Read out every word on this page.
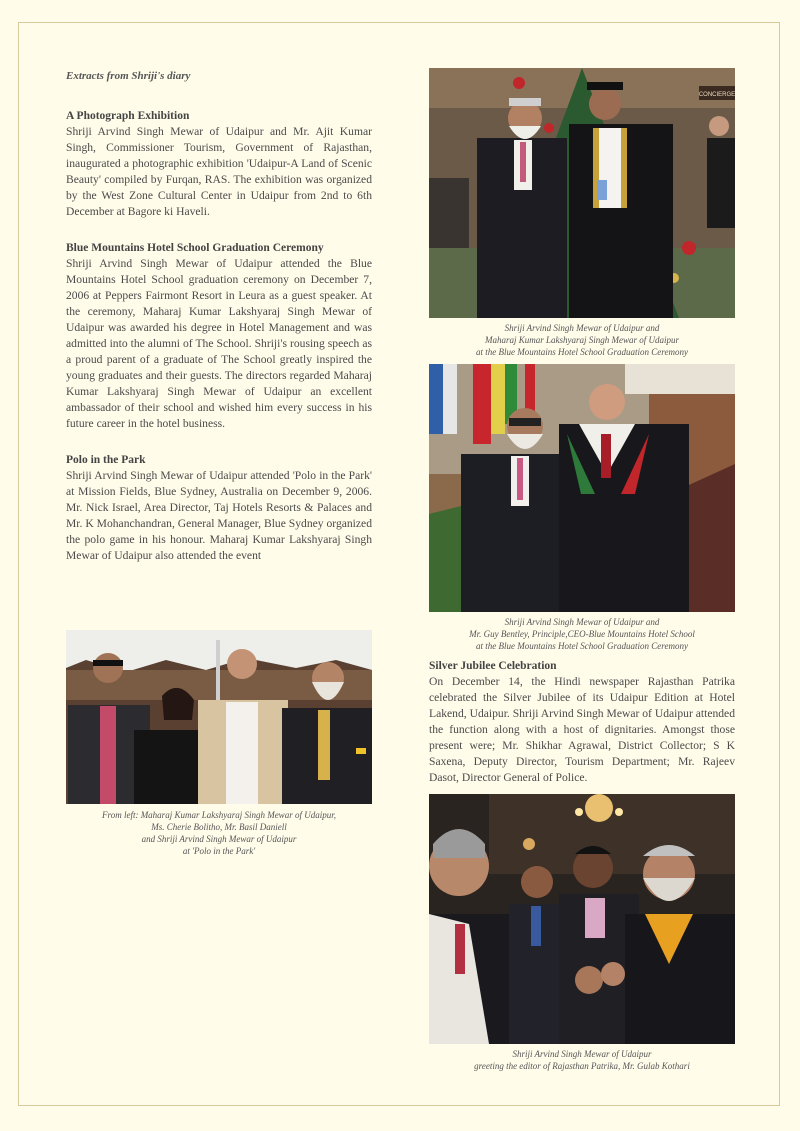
Extracts from Shriji's diary
A Photograph Exhibition

Shriji Arvind Singh Mewar of Udaipur and Mr. Ajit Kumar Singh, Commissioner Tourism, Government of Rajasthan, inaugurated a photographic exhibition 'Udaipur-A Land of Scenic Beauty' compiled by Furqan, RAS. The exhibition was organized by the West Zone Cultural Center in Udaipur from 2nd to 6th December at Bagore ki Haveli.

Blue Mountains Hotel School Graduation Ceremony

Shriji Arvind Singh Mewar of Udaipur attended the Blue Mountains Hotel School graduation ceremony on December 7, 2006 at Peppers Fairmont Resort in Leura as a guest speaker. At the ceremony, Maharaj Kumar Lakshyaraj Singh Mewar of Udaipur was awarded his degree in Hotel Management and was admitted into the alumni of The School. Shriji's rousing speech as a proud parent of a graduate of The School greatly inspired the young graduates and their guests. The directors regarded Maharaj Kumar Lakshyaraj Singh Mewar of Udaipur an excellent ambassador of their school and wished him every success in his future career in the hotel business.

Polo in the Park

Shriji Arvind Singh Mewar of Udaipur attended 'Polo in the Park' at Mission Fields, Blue Sydney, Australia on December 9, 2006. Mr. Nick Israel, Area Director, Taj Hotels Resorts & Palaces and Mr. K Mohanchandran, General Manager, Blue Sydney organized the polo game in his honour. Maharaj Kumar Lakshyaraj Singh Mewar of Udaipur also attended the event

From left: Maharaj Kumar Lakshyaraj Singh Mewar of Udaipur,

Ms. Cherie Bolitho, Mr. Basil Daniell

and Shriji Arvind Singh Mewar of Udaipur

at 'Polo in the Park'

CONCIERGE

Shriji Arvind Singh Mewar of Udaipur and

Maharaj Kumar Lakshyaraj Singh Mewar of Udaipur

at the Blue Mountains Hotel School Graduation Ceremony

Shriji Arvind Singh Mewar of Udaipur and

Mr. Guy Bentley, Principle,CEO-Blue Mountains Hotel School

at the Blue Mountains Hotel School Graduation Ceremony

Silver Jubilee Celebration

On December 14, the Hindi newspaper Rajasthan Patrika celebrated the Silver Jubilee of its Udaipur Edition at Hotel Lakend, Udaipur. Shriji Arvind Singh Mewar of Udaipur attended the function along with a host of dignitaries. Amongst those present were; Mr. Shikhar Agrawal, District Collector; S K Saxena, Deputy Director, Tourism Department; Mr. Rajeev Dasot, Director General of Police.

Shriji Arvind Singh Mewar of Udaipur

greeting the editor of Rajasthan Patrika, Mr. Gulab Kothari
